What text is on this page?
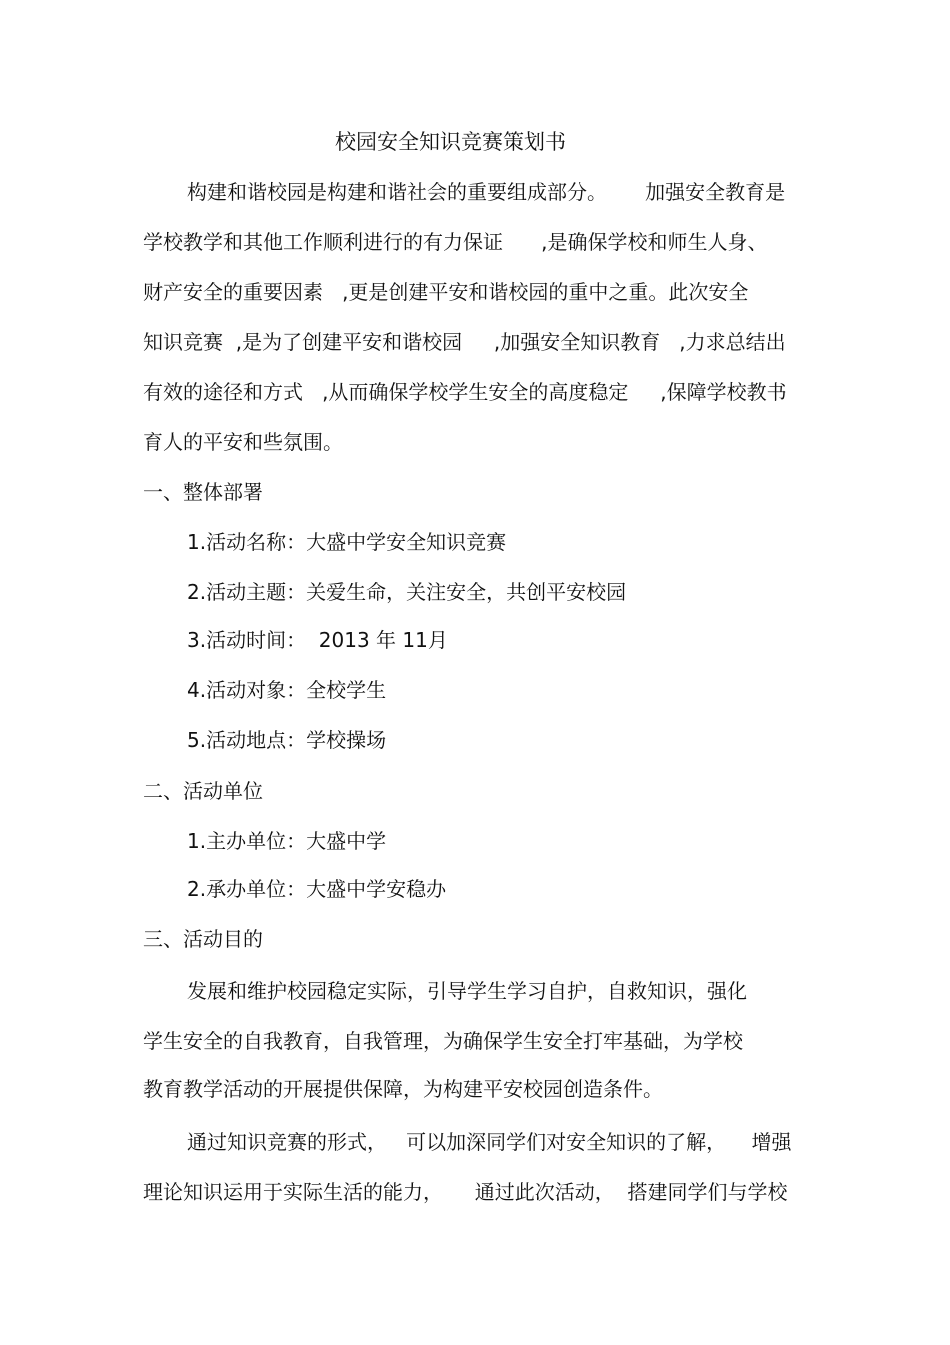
校园安全知识竞赛策划书

构建和谐校园是构建和谐社会的重要组成部分。      加强安全教育是

学校教学和其他工作顺利进行的有力保证      ,是确保学校和师生人身、

财产安全的重要因素   ,更是创建平安和谐校园的重中之重。此次安全

知识竞赛  ,是为了创建平安和谐校园     ,加强安全知识教育   ,力求总结出

有效的途径和方式   ,从而确保学校学生安全的高度稳定     ,保障学校教书

育人的平安和些氛围。

一、整体部署

1.活动名称：大盛中学安全知识竞赛

2.活动主题：关爱生命，关注安全，共创平安校园

3.活动时间：  2013 年 11月

4.活动对象：全校学生

5.活动地点：学校操场

二、活动单位

1.主办单位：大盛中学

2.承办单位：大盛中学安稳办

三、活动目的

发展和维护校园稳定实际，引导学生学习自护，自救知识，强化

学生安全的自我教育，自我管理，为确保学生安全打牢基础，为学校

教育教学活动的开展提供保障，为构建平安校园创造条件。

通过知识竞赛的形式，   可以加深同学们对安全知识的了解，    增强

理论知识运用于实际生活的能力，     通过此次活动，  搭建同学们与学校
